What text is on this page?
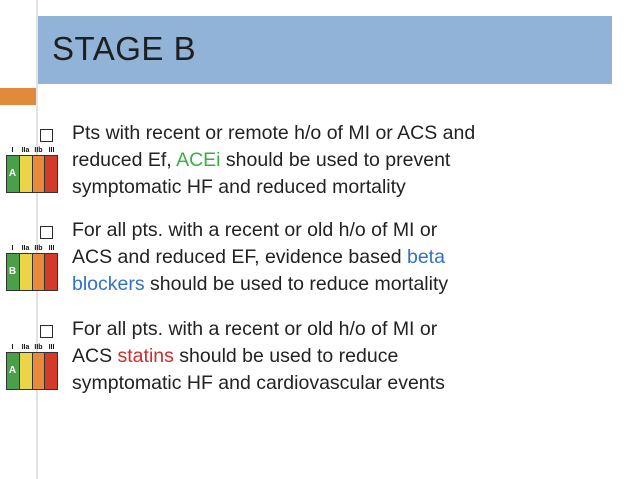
STAGE B
Pts with recent or remote h/o of MI or ACS and
reduced Ef, ACEi should be used to prevent
symptomatic HF and reduced mortality
For all pts. with a recent or old h/o of MI or
ACS and reduced EF, evidence based beta
blockers should be used to reduce mortality
For all pts. with a recent or old h/o of MI or
ACS statins should be used to reduce
symptomatic HF and cardiovascular events
I	IIa IIb III
A
I	IIa IIb III
B
I	IIa IIb III
A
